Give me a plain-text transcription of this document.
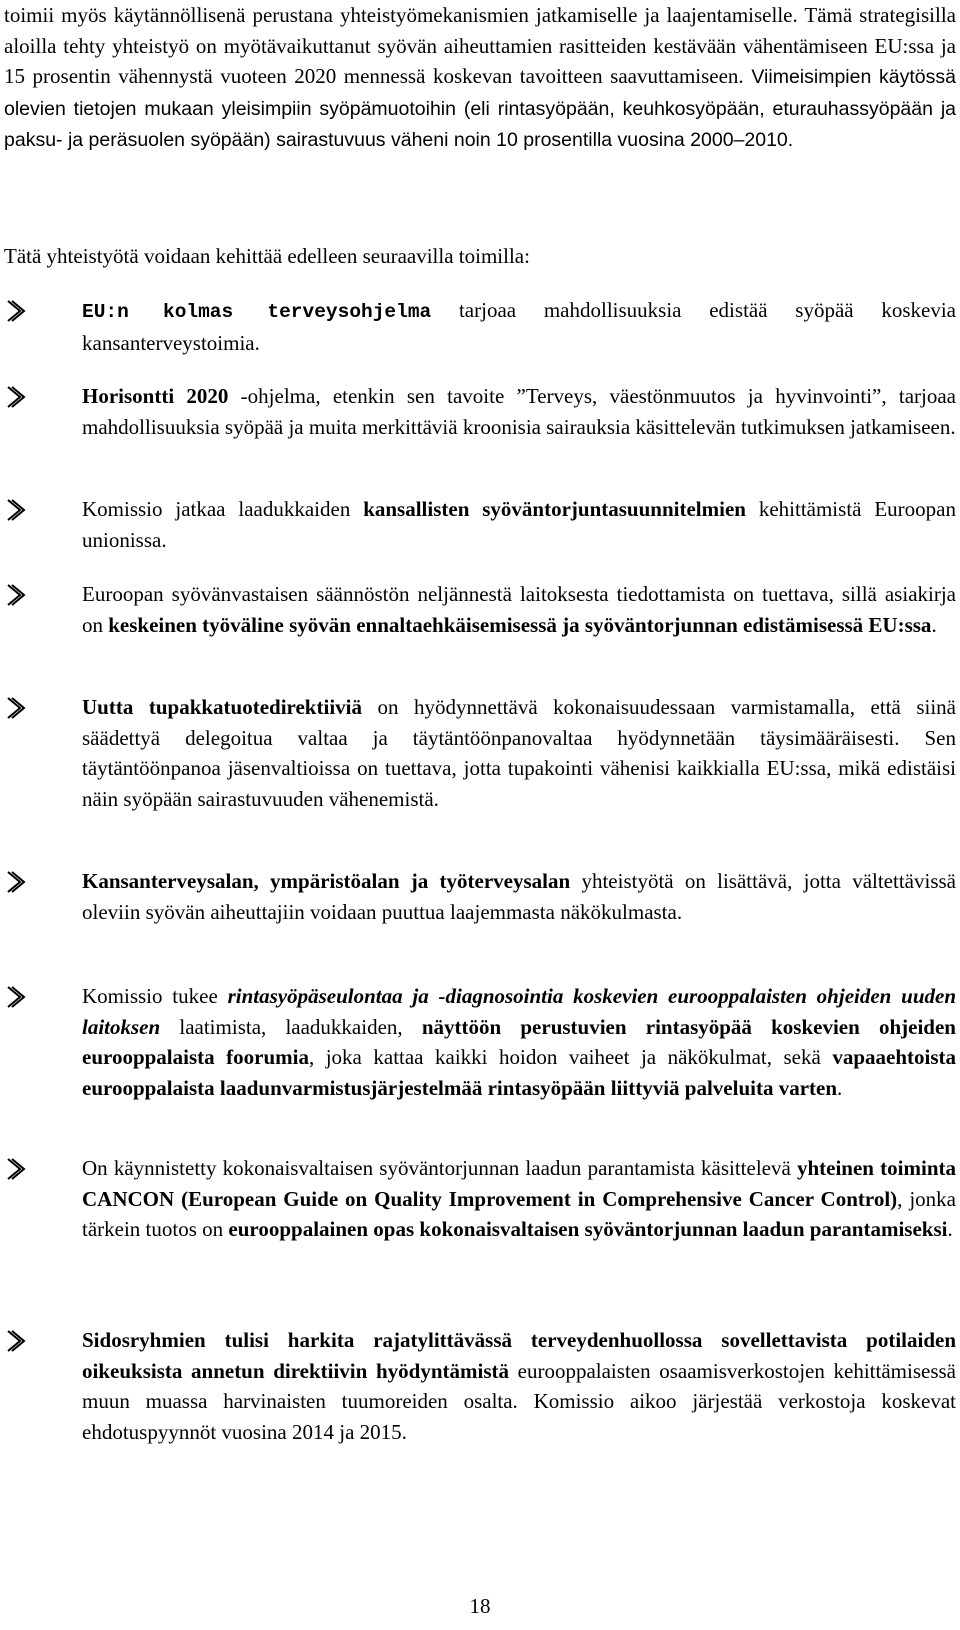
toimii myös käytännöllisenä perustana yhteistyömekanismien jatkamiselle ja laajentamiselle. Tämä strategisilla aloilla tehty yhteistyö on myötävaikuttanut syövän aiheuttamien rasitteiden kestävään vähentämiseen EU:ssa ja 15 prosentin vähennystä vuoteen 2020 mennessä koskevan tavoitteen saavuttamiseen. Viimeisimpien käytössä olevien tietojen mukaan yleisimpiin syöpämuotoihin (eli rintasyöpään, keuhkosyöpään, eturauhassyöpään ja paksu- ja peräsuolen syöpään) sairastuvuus väheni noin 10 prosentilla vuosina 2000–2010.

Tätä yhteistyötä voidaan kehittää edelleen seuraavilla toimilla:

EU:n kolmas terveysohjelma tarjoaa mahdollisuuksia edistää syöpää koskevia kansanterveystoimia.
Horisontti 2020 -ohjelma, etenkin sen tavoite ”Terveys, väestönmuutos ja hyvinvointi”, tarjoaa mahdollisuuksia syöpää ja muita merkittäviä kroonisia sairauksia käsittelevän tutkimuksen jatkamiseen.
Komissio jatkaa laadukkaiden kansallisten syöväntorjuntasuunnitelmien kehittämistä Euroopan unionissa.
Euroopan syövänvastaisen säännöstön neljännestä laitoksesta tiedottamista on tuettava, sillä asiakirja on keskeinen työväline syövän ennaltaehkäisemisessä ja syöväntorjunnan edistämisessä EU:ssa.
Uutta tupakkatuotedirektiiviä on hyödynnettävä kokonaisuudessaan varmistamalla, että siinä säädettyä delegoitua valtaa ja täytäntöönpanovaltaa hyödynnetään täysimääräisesti. Sen täytäntöönpanoa jäsenvaltioissa on tuettava, jotta tupakointi vähenisi kaikkialla EU:ssa, mikä edistäisi näin syöpään sairastuvuuden vähenemistä.
Kansanterveysalan, ympäristöalan ja työterveysalan yhteistyötä on lisättävä, jotta vältettävissä oleviin syövän aiheuttajiin voidaan puuttua laajemmasta näkökulmasta.
Komissio tukee rintasyöpäseulontaa ja -diagnosointia koskevien eurooppalaisten ohjeiden uuden laitoksen laatimista, laadukkaiden, näyttöön perustuvien rintasyöpää koskevien ohjeiden eurooppalaista foorumia, joka kattaa kaikki hoidon vaiheet ja näkökulmat, sekä vapaaehtoista eurooppalaista laadunvarmistusjärjestelmää rintasyöpään liittyviä palveluita varten.
On käynnistetty kokonaisvaltaisen syöväntorjunnan laadun parantamista käsittelevä yhteinen toiminta CANCON (European Guide on Quality Improvement in Comprehensive Cancer Control), jonka tärkein tuotos on eurooppalainen opas kokonaisvaltaisen syöväntorjunnan laadun parantamiseksi.
Sidosryhmien tulisi harkita rajatylittävässä terveydenhuollossa sovellettavista potilaiden oikeuksista annetun direktiivin hyödyntämistä eurooppalaisten osaamisverkostojen kehittämisessä muun muassa harvinaisten tuumoreiden osalta. Komissio aikoo järjestää verkostoja koskevat ehdotuspyynnöt vuosina 2014 ja 2015.
18
